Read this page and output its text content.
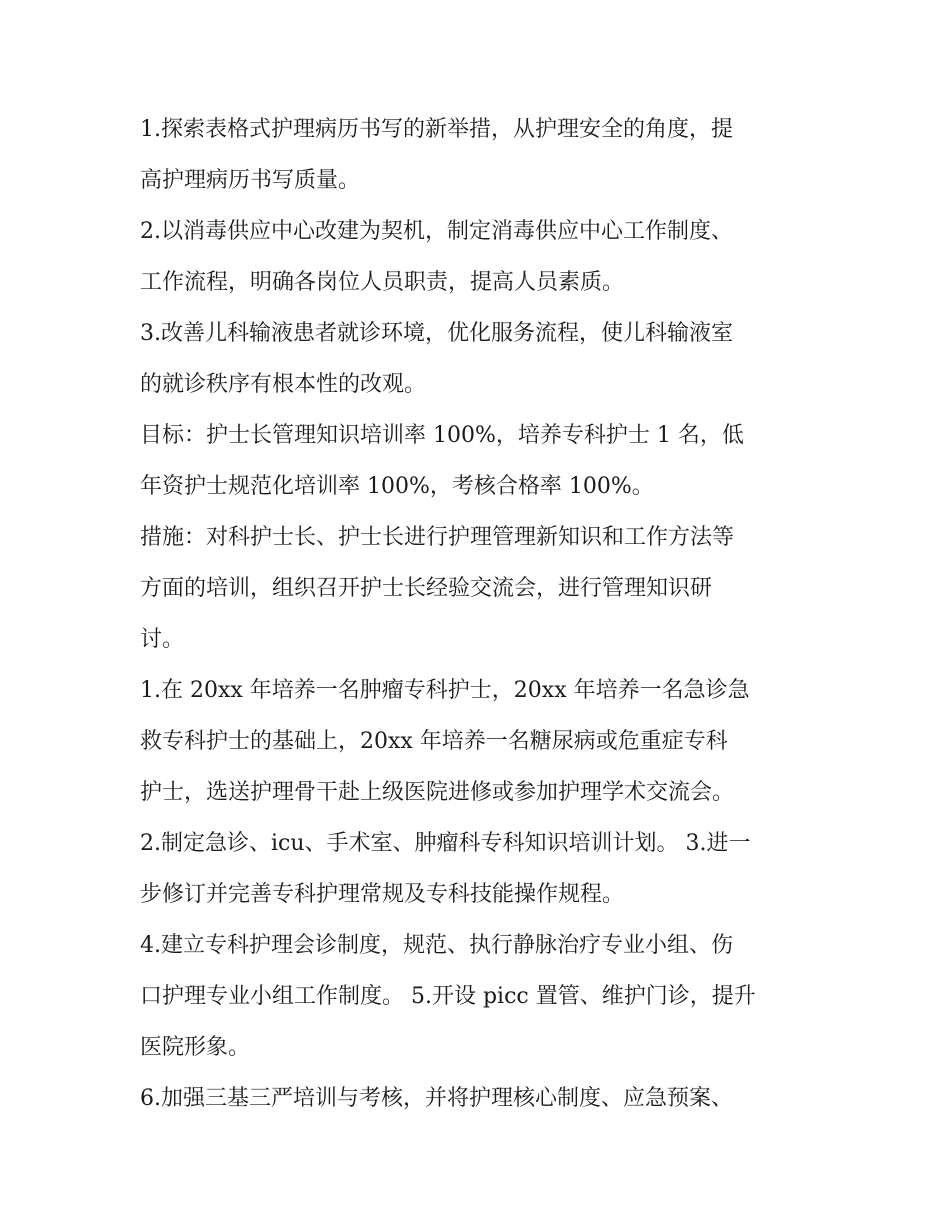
1.探索表格式护理病历书写的新举措，从护理安全的角度，提
高护理病历书写质量。
2.以消毒供应中心改建为契机，制定消毒供应中心工作制度、
工作流程，明确各岗位人员职责，提高人员素质。
3.改善儿科输液患者就诊环境，优化服务流程，使儿科输液室
的就诊秩序有根本性的改观。
目标：护士长管理知识培训率 100%，培养专科护士 1 名，低
年资护士规范化培训率 100%，考核合格率 100%。
措施：对科护士长、护士长进行护理管理新知识和工作方法等
方面的培训，组织召开护士长经验交流会，进行管理知识研
讨。
1.在 20xx 年培养一名肿瘤专科护士，20xx 年培养一名急诊急
救专科护士的基础上，20xx 年培养一名糖尿病或危重症专科
护士，选送护理骨干赴上级医院进修或参加护理学术交流会。
2.制定急诊、icu、手术室、肿瘤科专科知识培训计划。 3.进一
步修订并完善专科护理常规及专科技能操作规程。
4.建立专科护理会诊制度，规范、执行静脉治疗专业小组、伤
口护理专业小组工作制度。 5.开设 picc 置管、维护门诊，提升
医院形象。
6.加强三基三严培训与考核，并将护理核心制度、应急预案、
